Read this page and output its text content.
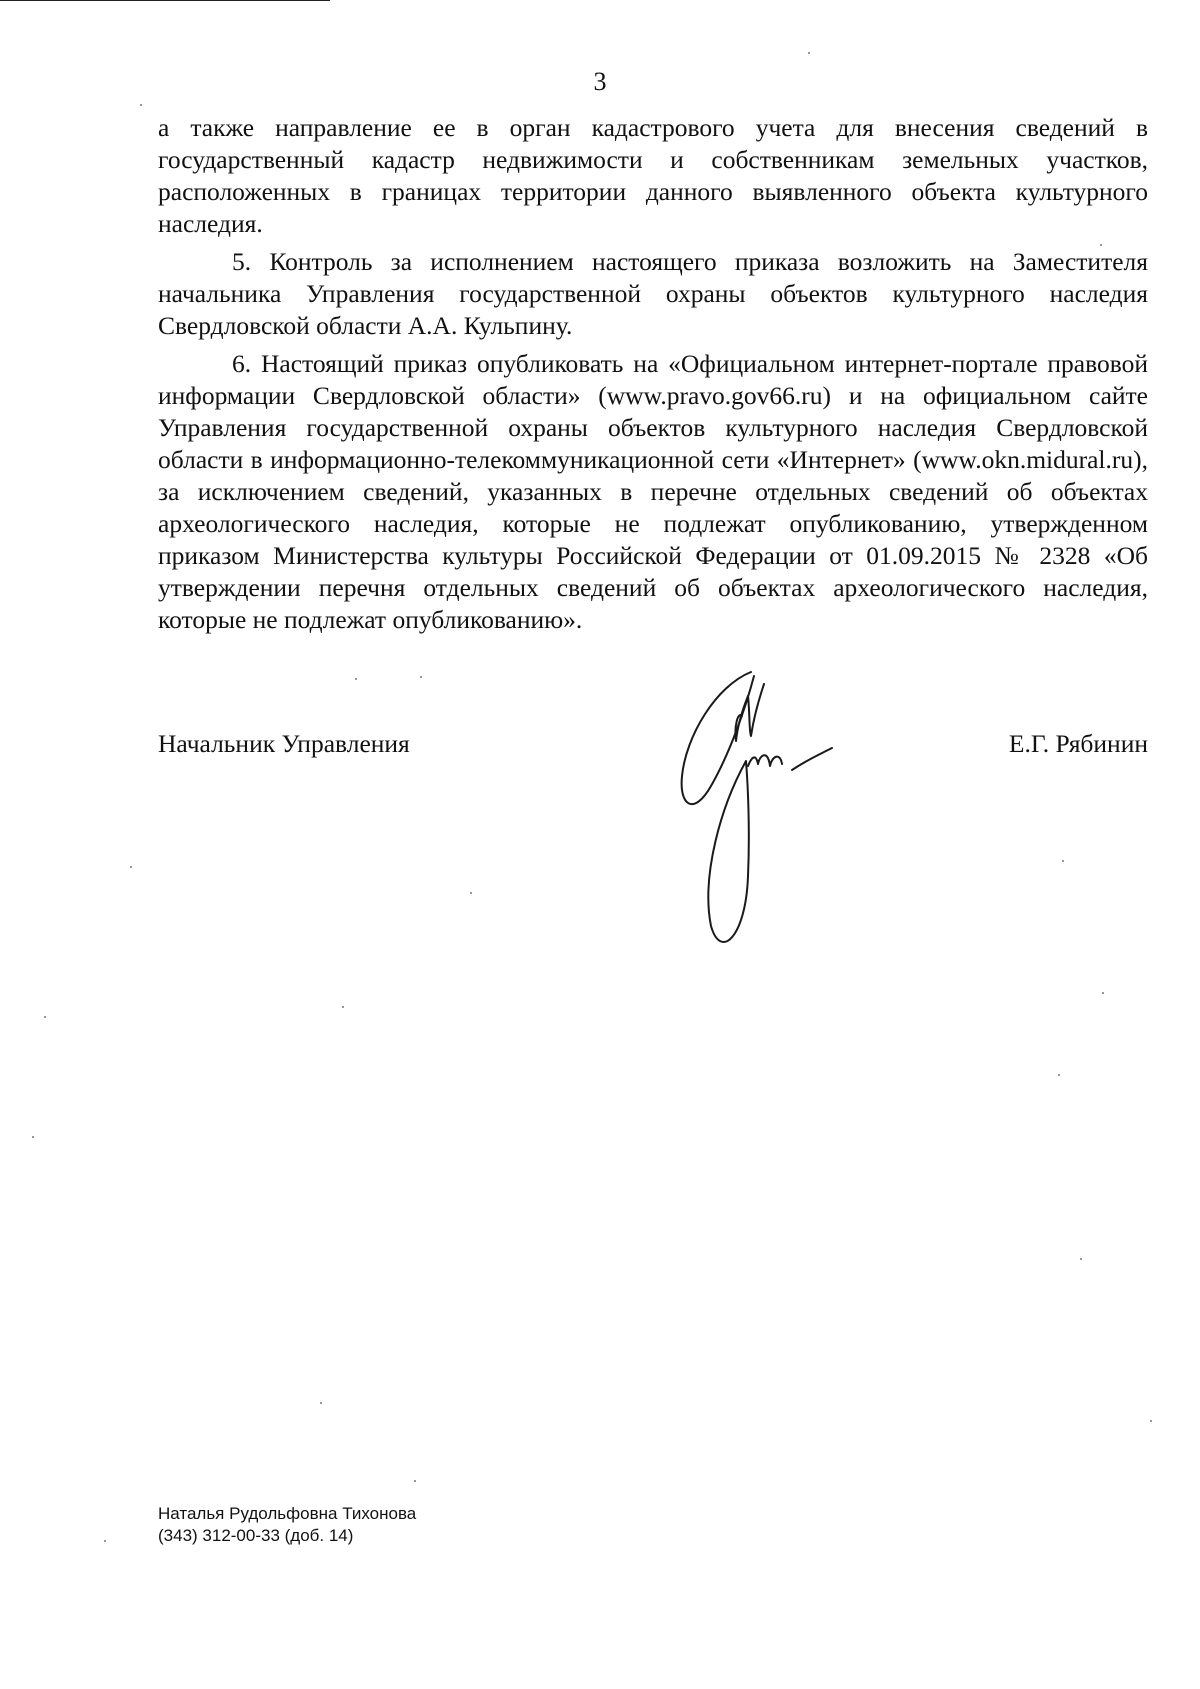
3

а также направление ее в орган кадастрового учета для внесения сведений в государственный кадастр недвижимости и собственникам земельных участков, расположенных в границах территории данного выявленного объекта культурного наследия.

5. Контроль за исполнением настоящего приказа возложить на Заместителя начальника Управления государственной охраны объектов культурного наследия Свердловской области А.А. Кульпину.

6. Настоящий приказ опубликовать на «Официальном интернет-портале правовой информации Свердловской области» (www.pravo.gov66.ru) и на официальном сайте Управления государственной охраны объектов культурного наследия Свердловской области в информационно-телекоммуникационной сети «Интернет» (www.okn.midural.ru), за исключением сведений, указанных в перечне отдельных сведений об объектах археологического наследия, которые не подлежат опубликованию, утвержденном приказом Министерства культуры Российской Федерации от 01.09.2015 № 2328 «Об утверждении перечня отдельных сведений об объектах археологического наследия, которые не подлежат опубликованию».

Начальник Управления	Е.Г. Рябинин
Наталья Рудольфовна Тихонова
(343) 312-00-33 (доб. 14)
